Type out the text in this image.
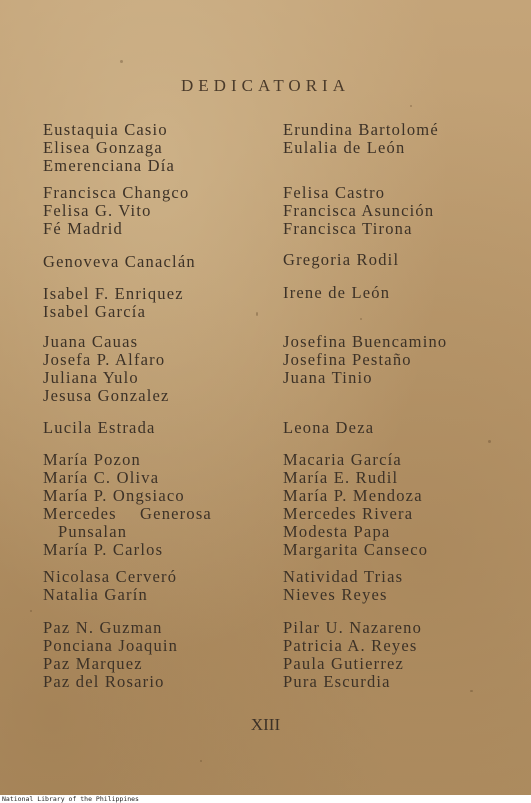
DEDICATORIA
Eustaquia Casio
Elisea Gonzaga
Emerenciana Día
Francisca Changco
Felisa G. Vito
Fé Madrid
Genoveva Canaclán
Isabel F. Enriquez
Isabel García
Juana Cauas
Josefa P. Alfaro
Juliana Yulo
Jesusa Gonzalez
Lucila Estrada
María Pozon
María C. Oliva
María P. Ongsiaco
Mercedes Generosa
Punsalan
María P. Carlos
Nicolasa Cerveró
Natalia Garín
Paz N. Guzman
Ponciana Joaquin
Paz Marquez
Paz del Rosario
Erundina Bartolomé
Eulalia de León
Felisa Castro
Francisca Asunción
Francisca Tirona
Gregoria Rodil
Irene de León
Josefina Buencamino
Josefina Pestaño
Juana Tinio
Leona Deza
Macaria García
María E. Rudil
María P. Mendoza
Mercedes Rivera
Modesta Papa
Margarita Canseco
Natividad Trias
Nieves Reyes
Pilar U. Nazareno
Patricia A. Reyes
Paula Gutierrez
Pura Escurdia
XIII
National Library of the Philippines
